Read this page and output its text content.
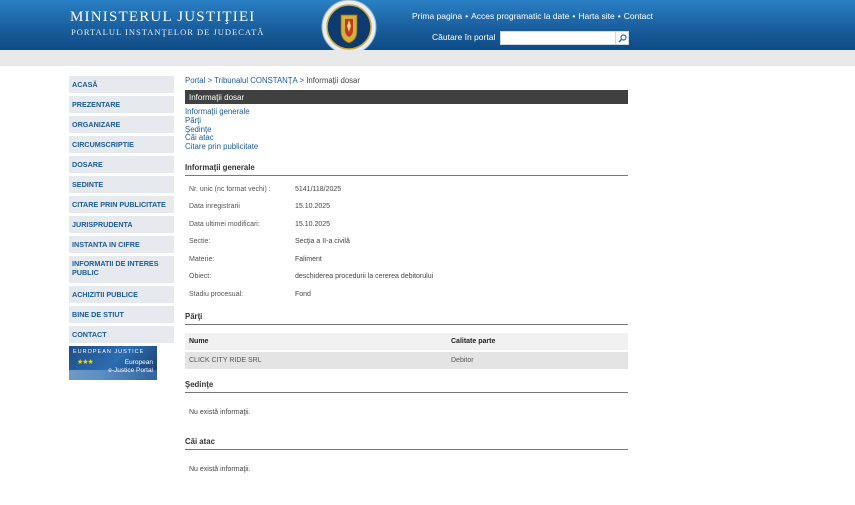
MINISTERUL JUSTIŢIEI
PORTALUL INSTANŢELOR DE JUDECATĂ
Prima pagina • Acces programatic la date • Harta site • Contact
Căutare în portal
ACASĂ
PREZENTARE
ORGANIZARE
CIRCUMSCRIPTIE
DOSARE
SEDINTE
CITARE PRIN PUBLICITATE
JURISPRUDENTA
INSTANTA IN CIFRE
INFORMATII DE INTERES PUBLIC
ACHIZITII PUBLICE
BINE DE STIUT
CONTACT
EUROPEAN JUSTICE
★★★	European
e-Justice Portal
Portal > Tribunalul CONSTANŢA > Informaţii dosar
Informaţii dosar
Informaţii generale
Părţi
Şedinţe
Căi atac
Citare prin publicitate
Informaţii generale
Nr. unic (nc format vechi) :	5141/118/2025
Data inregistrarii	15.10.2025
Data ultimei modificari:	15.10.2025
Sectie:	Secţia a II-a civilă
Materie:	Faliment
Obiect:	deschiderea procedurii la cererea debitorului
Stadiu procesual:	Fond
Părţi
Nume	Calitate parte
CLICK CITY RIDE SRL	Debitor
Şedinţe
Nu există informaţii.
Căi atac
Nu există informaţii.
